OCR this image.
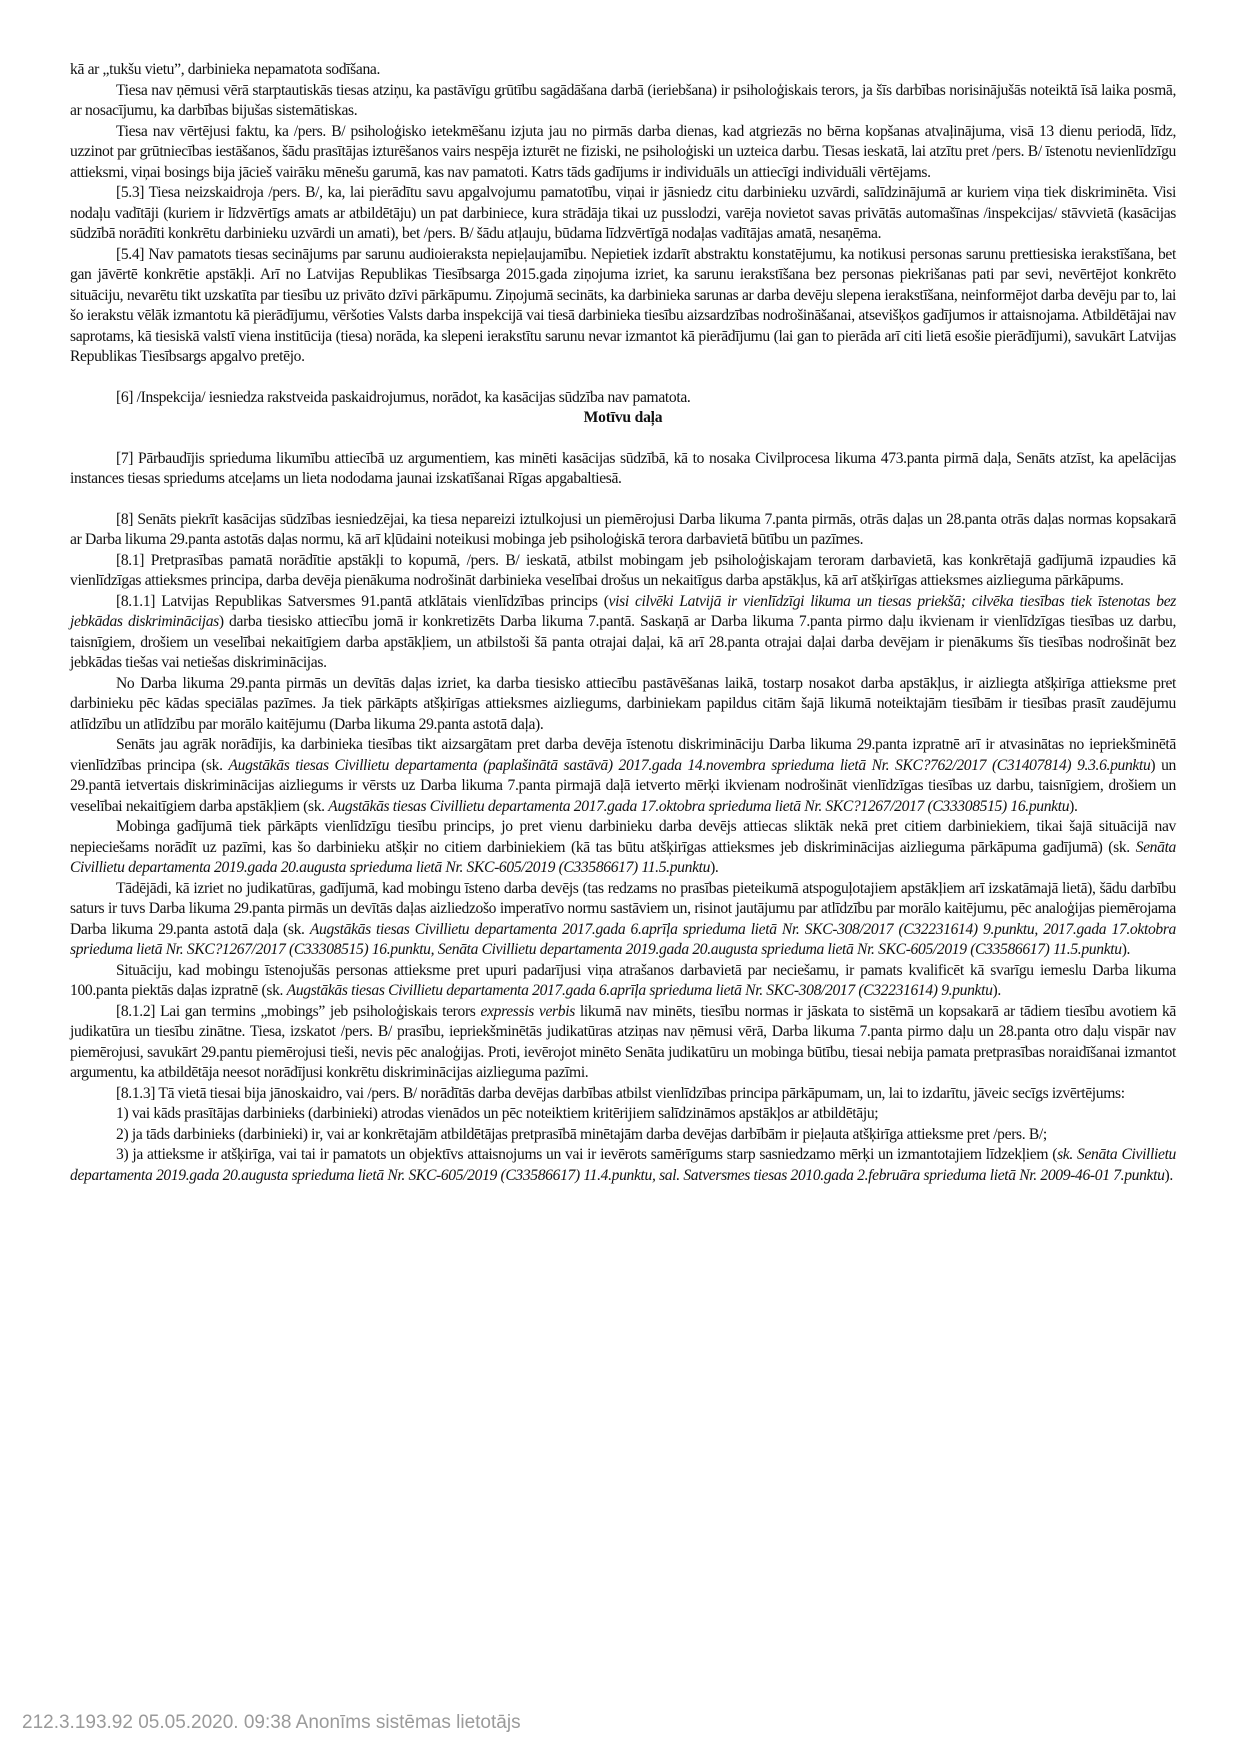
kā ar „tukšu vietu”, darbinieka nepamatota sodīšana.

Tiesa nav ņēmusi vērā starptautiskās tiesas atziņu, ka pastāvīgu grūtību sagādāšana darbā (ieriebšana) ir psiholoģiskais terors, ja šīs darbības norisinājušās noteiktā īsā laika posmā, ar nosacījumu, ka darbības bijušas sistemātiskas.

Tiesa nav vērtējusi faktu, ka /pers. B/ psiholoģisko ietekmēšanu izjuta jau no pirmās darba dienas, kad atgriezās no bērna kopšanas atvaļinājuma, visā 13 dienu periodā, līdz, uzzinot par grūtniecības iestāšanos, šādu prasītājas izturēšanos vairs nespēja izturēt ne fiziski, ne psiholoģiski un uzteica darbu. Tiesas ieskatā, lai atzītu pret /pers. B/ īstenotu nevienlīdzīgu attieksmi, viņai bosings bija jācieš vairāku mēnešu garumā, kas nav pamatoti. Katrs tāds gadījums ir individuāls un attiecīgi individuāli vērtējams.

[5.3] Tiesa neizskaidroja /pers. B/, ka, lai pierādītu savu apgalvojumu pamatotību, viņai ir jāsniedz citu darbinieku uzvārdi, salīdzinājumā ar kuriem viņa tiek diskriminēta. Visi nodaļu vadītāji (kuriem ir līdzvērtīgs amats ar atbildētāju) un pat darbiniece, kura strādāja tikai uz pusslodzi, varēja novietot savas privātās automašīnas /inspekcijas/ stāvvietā (kasācijas sūdzībā norādīti konkrētu darbinieku uzvārdi un amati), bet /pers. B/ šādu atļauju, būdama līdzvērtīgā nodaļas vadītājas amatā, nesaņēma.

[5.4] Nav pamatots tiesas secinājums par sarunu audioieraksta nepieļaujamību. Nepietiek izdarīt abstraktu konstatējumu, ka notikusi personas sarunu prettiesiska ierakstīšana, bet gan jāvērtē konkrētie apstākļi. Arī no Latvijas Republikas Tiesībsarga 2015.gada ziņojuma izriet, ka sarunu ierakstīšana bez personas piekrišanas pati par sevi, nevērtējot konkrēto situāciju, nevarētu tikt uzskatīta par tiesību uz privāto dzīvi pārkāpumu. Ziņojumā secināts, ka darbinieka sarunas ar darba devēju slepena ierakstīšana, neinformējot darba devēju par to, lai šo ierakstu vēlāk izmantotu kā pierādījumu, vēršoties Valsts darba inspekcijā vai tiesā darbinieka tiesību aizsardzības nodrošināšanai, atsevišķos gadījumos ir attaisnojama. Atbildētājai nav saprotams, kā tiesiskā valstī viena institūcija (tiesa) norāda, ka slepeni ierakstītu sarunu nevar izmantot kā pierādījumu (lai gan to pierāda arī citi lietā esošie pierādījumi), savukārt Latvijas Republikas Tiesībsargs apgalvo pretējo.

[6] /Inspekcija/ iesniedza rakstveida paskaidrojumus, norādot, ka kasācijas sūdzība nav pamatota.

Motīvu daļa

[7] Pārbaudījis sprieduma likumību attiecībā uz argumentiem, kas minēti kasācijas sūdzībā, kā to nosaka Civilprocesa likuma 473.panta pirmā daļa, Senāts atzīst, ka apelācijas instances tiesas spriedums atceļams un lieta nododama jaunai izskatīšanai Rīgas apgabaltiesā.

[8] Senāts piekrīt kasācijas sūdzības iesniedzējai, ka tiesa nepareizi iztulkojusi un piemērojusi Darba likuma 7.panta pirmās, otrās daļas un 28.panta otrās daļas normas kopsakarā ar Darba likuma 29.panta astotās daļas normu, kā arī kļūdaini noteikusi mobinga jeb psiholoģiskā terora darbavietā būtību un pazīmes.

[8.1] Pretprasības pamatā norādītie apstākļi to kopumā, /pers. B/ ieskatā, atbilst mobingam jeb psiholoģiskajam teroram darbavietā, kas konkrētajā gadījumā izpaudies kā vienlīdzīgas attieksmes principa, darba devēja pienākuma nodrošināt darbinieka veselībai drošus un nekaitīgus darba apstākļus, kā arī atšķirīgas attieksmes aizlieguma pārkāpums.

[8.1.1] Latvijas Republikas Satversmes 91.pantā atklātais vienlīdzības princips (visi cilvēki Latvijā ir vienlīdzīgi likuma un tiesas priekšā; cilvēka tiesības tiek īstenotas bez jebkādas diskriminācijas) darba tiesisko attiecību jomā ir konkretizēts Darba likuma 7.pantā. Saskaņā ar Darba likuma 7.panta pirmo daļu ikvienam ir vienlīdzīgas tiesības uz darbu, taisnīgiem, drošiem un veselībai nekaitīgiem darba apstākļiem, un atbilstoši šā panta otrajai daļai, kā arī 28.panta otrajai daļai darba devējam ir pienākums šīs tiesības nodrošināt bez jebkādas tiešas vai netiešas diskriminācijas.

No Darba likuma 29.panta pirmās un devītās daļas izriet, ka darba tiesisko attiecību pastāvēšanas laikā, tostarp nosakot darba apstākļus, ir aizliegta atšķirīga attieksme pret darbinieku pēc kādas speciālas pazīmes. Ja tiek pārkāpts atšķirīgas attieksmes aizliegums, darbiniekam papildus citām šajā likumā noteiktajām tiesībām ir tiesības prasīt zaudējumu atlīdzību un atlīdzību par morālo kaitējumu (Darba likuma 29.panta astotā daļa).

Senāts jau agrāk norādījis, ka darbinieka tiesības tikt aizsargātam pret darba devēja īstenotu diskrimināciju Darba likuma 29.panta izpratnē arī ir atvasinātas no iepriekšminētā vienlīdzības principa (sk. Augstākās tiesas Civillietu departamenta (paplašinātā sastāvā) 2017.gada 14.novembra sprieduma lietā Nr. SKC?762/2017 (C31407814) 9.3.6.punktu) un 29.pantā ietvertais diskriminācijas aizliegums ir vērsts uz Darba likuma 7.panta pirmajā daļā ietverto mērķi ikvienam nodrošināt vienlīdzīgas tiesības uz darbu, taisnīgiem, drošiem un veselībai nekaitīgiem darba apstākļiem (sk. Augstākās tiesas Civillietu departamenta 2017.gada 17.oktobra sprieduma lietā Nr. SKC?1267/2017 (C33308515) 16.punktu).

Mobinga gadījumā tiek pārkāpts vienlīdzīgu tiesību princips, jo pret vienu darbinieku darba devējs attiecas sliktāk nekā pret citiem darbiniekiem, tikai šajā situācijā nav nepieciešams norādīt uz pazīmi, kas šo darbinieku atšķir no citiem darbiniekiem (kā tas būtu atšķirīgas attieksmes jeb diskriminācijas aizlieguma pārkāpuma gadījumā) (sk. Senāta Civillietu departamenta 2019.gada 20.augusta sprieduma lietā Nr. SKC-605/2019 (C33586617) 11.5.punktu).

Tādējādi, kā izriet no judikatūras, gadījumā, kad mobingu īsteno darba devējs (tas redzams no prasības pieteikumā atspoguļotajiem apstākļiem arī izskatāmajā lietā), šādu darbību saturs ir tuvs Darba likuma 29.panta pirmās un devītās daļas aizliedzošo imperatīvo normu sastāviem un, risinot jautājumu par atlīdzību par morālo kaitējumu, pēc analoģijas piemērojama Darba likuma 29.panta astotā daļa (sk. Augstākās tiesas Civillietu departamenta 2017.gada 6.aprīļa sprieduma lietā Nr. SKC-308/2017 (C32231614) 9.punktu, 2017.gada 17.oktobra sprieduma lietā Nr. SKC?1267/2017 (C33308515) 16.punktu, Senāta Civillietu departamenta 2019.gada 20.augusta sprieduma lietā Nr. SKC-605/2019 (C33586617) 11.5.punktu).

Situāciju, kad mobingu īstenojušās personas attieksme pret upuri padarījusi viņa atrašanos darbavietā par neciešamu, ir pamats kvalificēt kā svarīgu iemeslu Darba likuma 100.panta piektās daļas izpratnē (sk. Augstākās tiesas Civillietu departamenta 2017.gada 6.aprīļa sprieduma lietā Nr. SKC-308/2017 (C32231614) 9.punktu).

[8.1.2] Lai gan termins „mobings” jeb psiholoģiskais terors expressis verbis likumā nav minēts, tiesību normas ir jāskata to sistēmā un kopsakarā ar tādiem tiesību avotiem kā judikatūra un tiesību zinātne. Tiesa, izskatot /pers. B/ prasību, iepriekšminētās judikatūras atziņas nav ņēmusi vērā, Darba likuma 7.panta pirmo daļu un 28.panta otro daļu vispār nav piemērojusi, savukārt 29.pantu piemērojusi tieši, nevis pēc analoģijas. Proti, ievērojot minēto Senāta judikatūru un mobinga būtību, tiesai nebija pamata pretprasības noraidīšanai izmantot argumentu, ka atbildētāja neesot norādījusi konkrētu diskriminācijas aizlieguma pazīmi.

[8.1.3] Tā vietā tiesai bija jānoskaidro, vai /pers. B/ norādītās darba devējas darbības atbilst vienlīdzības principa pārkāpumam, un, lai to izdarītu, jāveic secīgs izvērtējums:

1) vai kāds prasītājas darbinieks (darbinieki) atrodas vienādos un pēc noteiktiem kritērijiem salīdzināmos apstākļos ar atbildētāju;

2) ja tāds darbinieks (darbinieki) ir, vai ar konkrētajām atbildētājas pretprasībā minētajām darba devējas darbībām ir pieļauta atšķirīga attieksme pret /pers. B/;

3) ja attieksme ir atšķirīga, vai tai ir pamatots un objektīvs attaisnojums un vai ir ievērots samērīgums starp sasniedzamo mērķi un izmantotajiem līdzekļiem (sk. Senāta Civillietu departamenta 2019.gada 20.augusta sprieduma lietā Nr. SKC-605/2019 (C33586617) 11.4.punktu, sal. Satversmes tiesas 2010.gada 2.februāra sprieduma lietā Nr. 2009-46-01 7.punktu).

212.3.193.92 05.05.2020. 09:38 Anonīms sistēmas lietotājs
